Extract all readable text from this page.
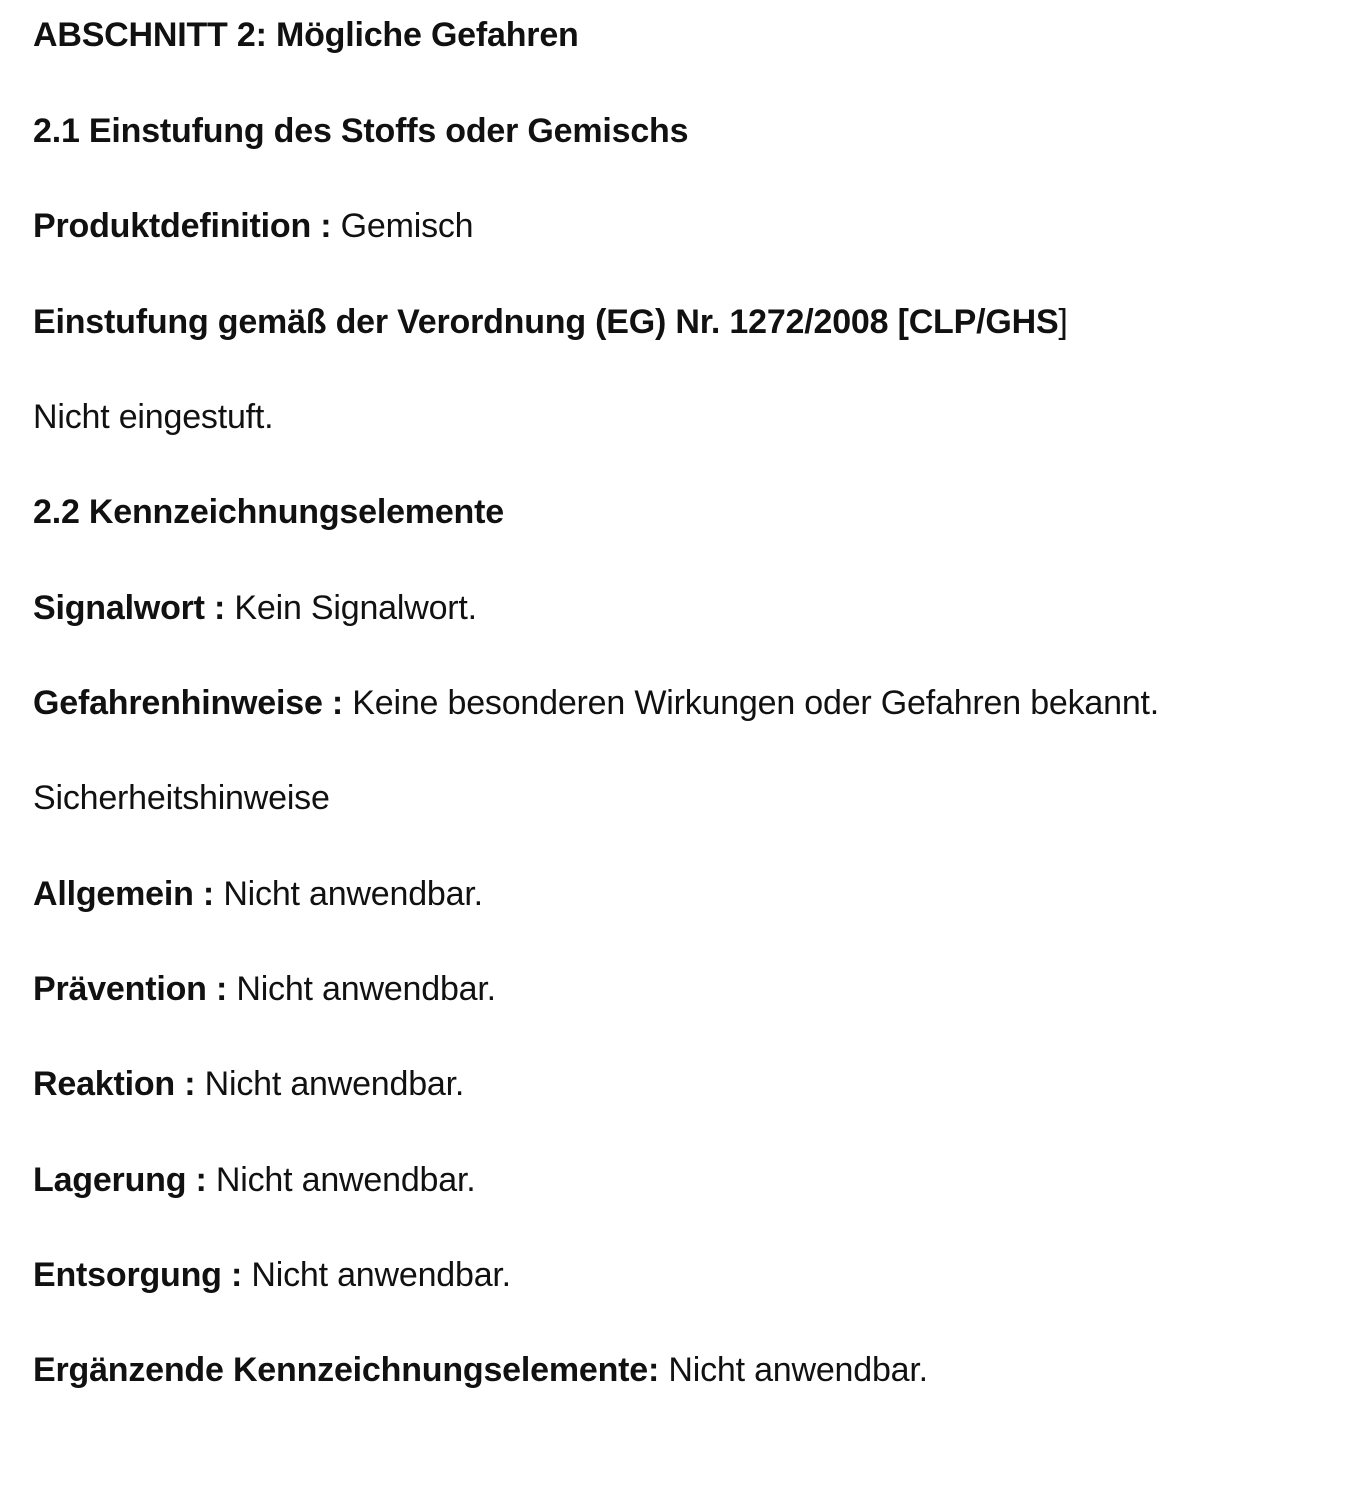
ABSCHNITT 2: Mögliche Gefahren
2.1 Einstufung des Stoffs oder Gemischs
Produktdefinition : Gemisch
Einstufung gemäß der Verordnung (EG) Nr. 1272/2008 [CLP/GHS]
Nicht eingestuft.
2.2 Kennzeichnungselemente
Signalwort : Kein Signalwort.
Gefahrenhinweise : Keine besonderen Wirkungen oder Gefahren bekannt.
Sicherheitshinweise
Allgemein : Nicht anwendbar.
Prävention : Nicht anwendbar.
Reaktion : Nicht anwendbar.
Lagerung : Nicht anwendbar.
Entsorgung : Nicht anwendbar.
Ergänzende Kennzeichnungselemente: Nicht anwendbar.
